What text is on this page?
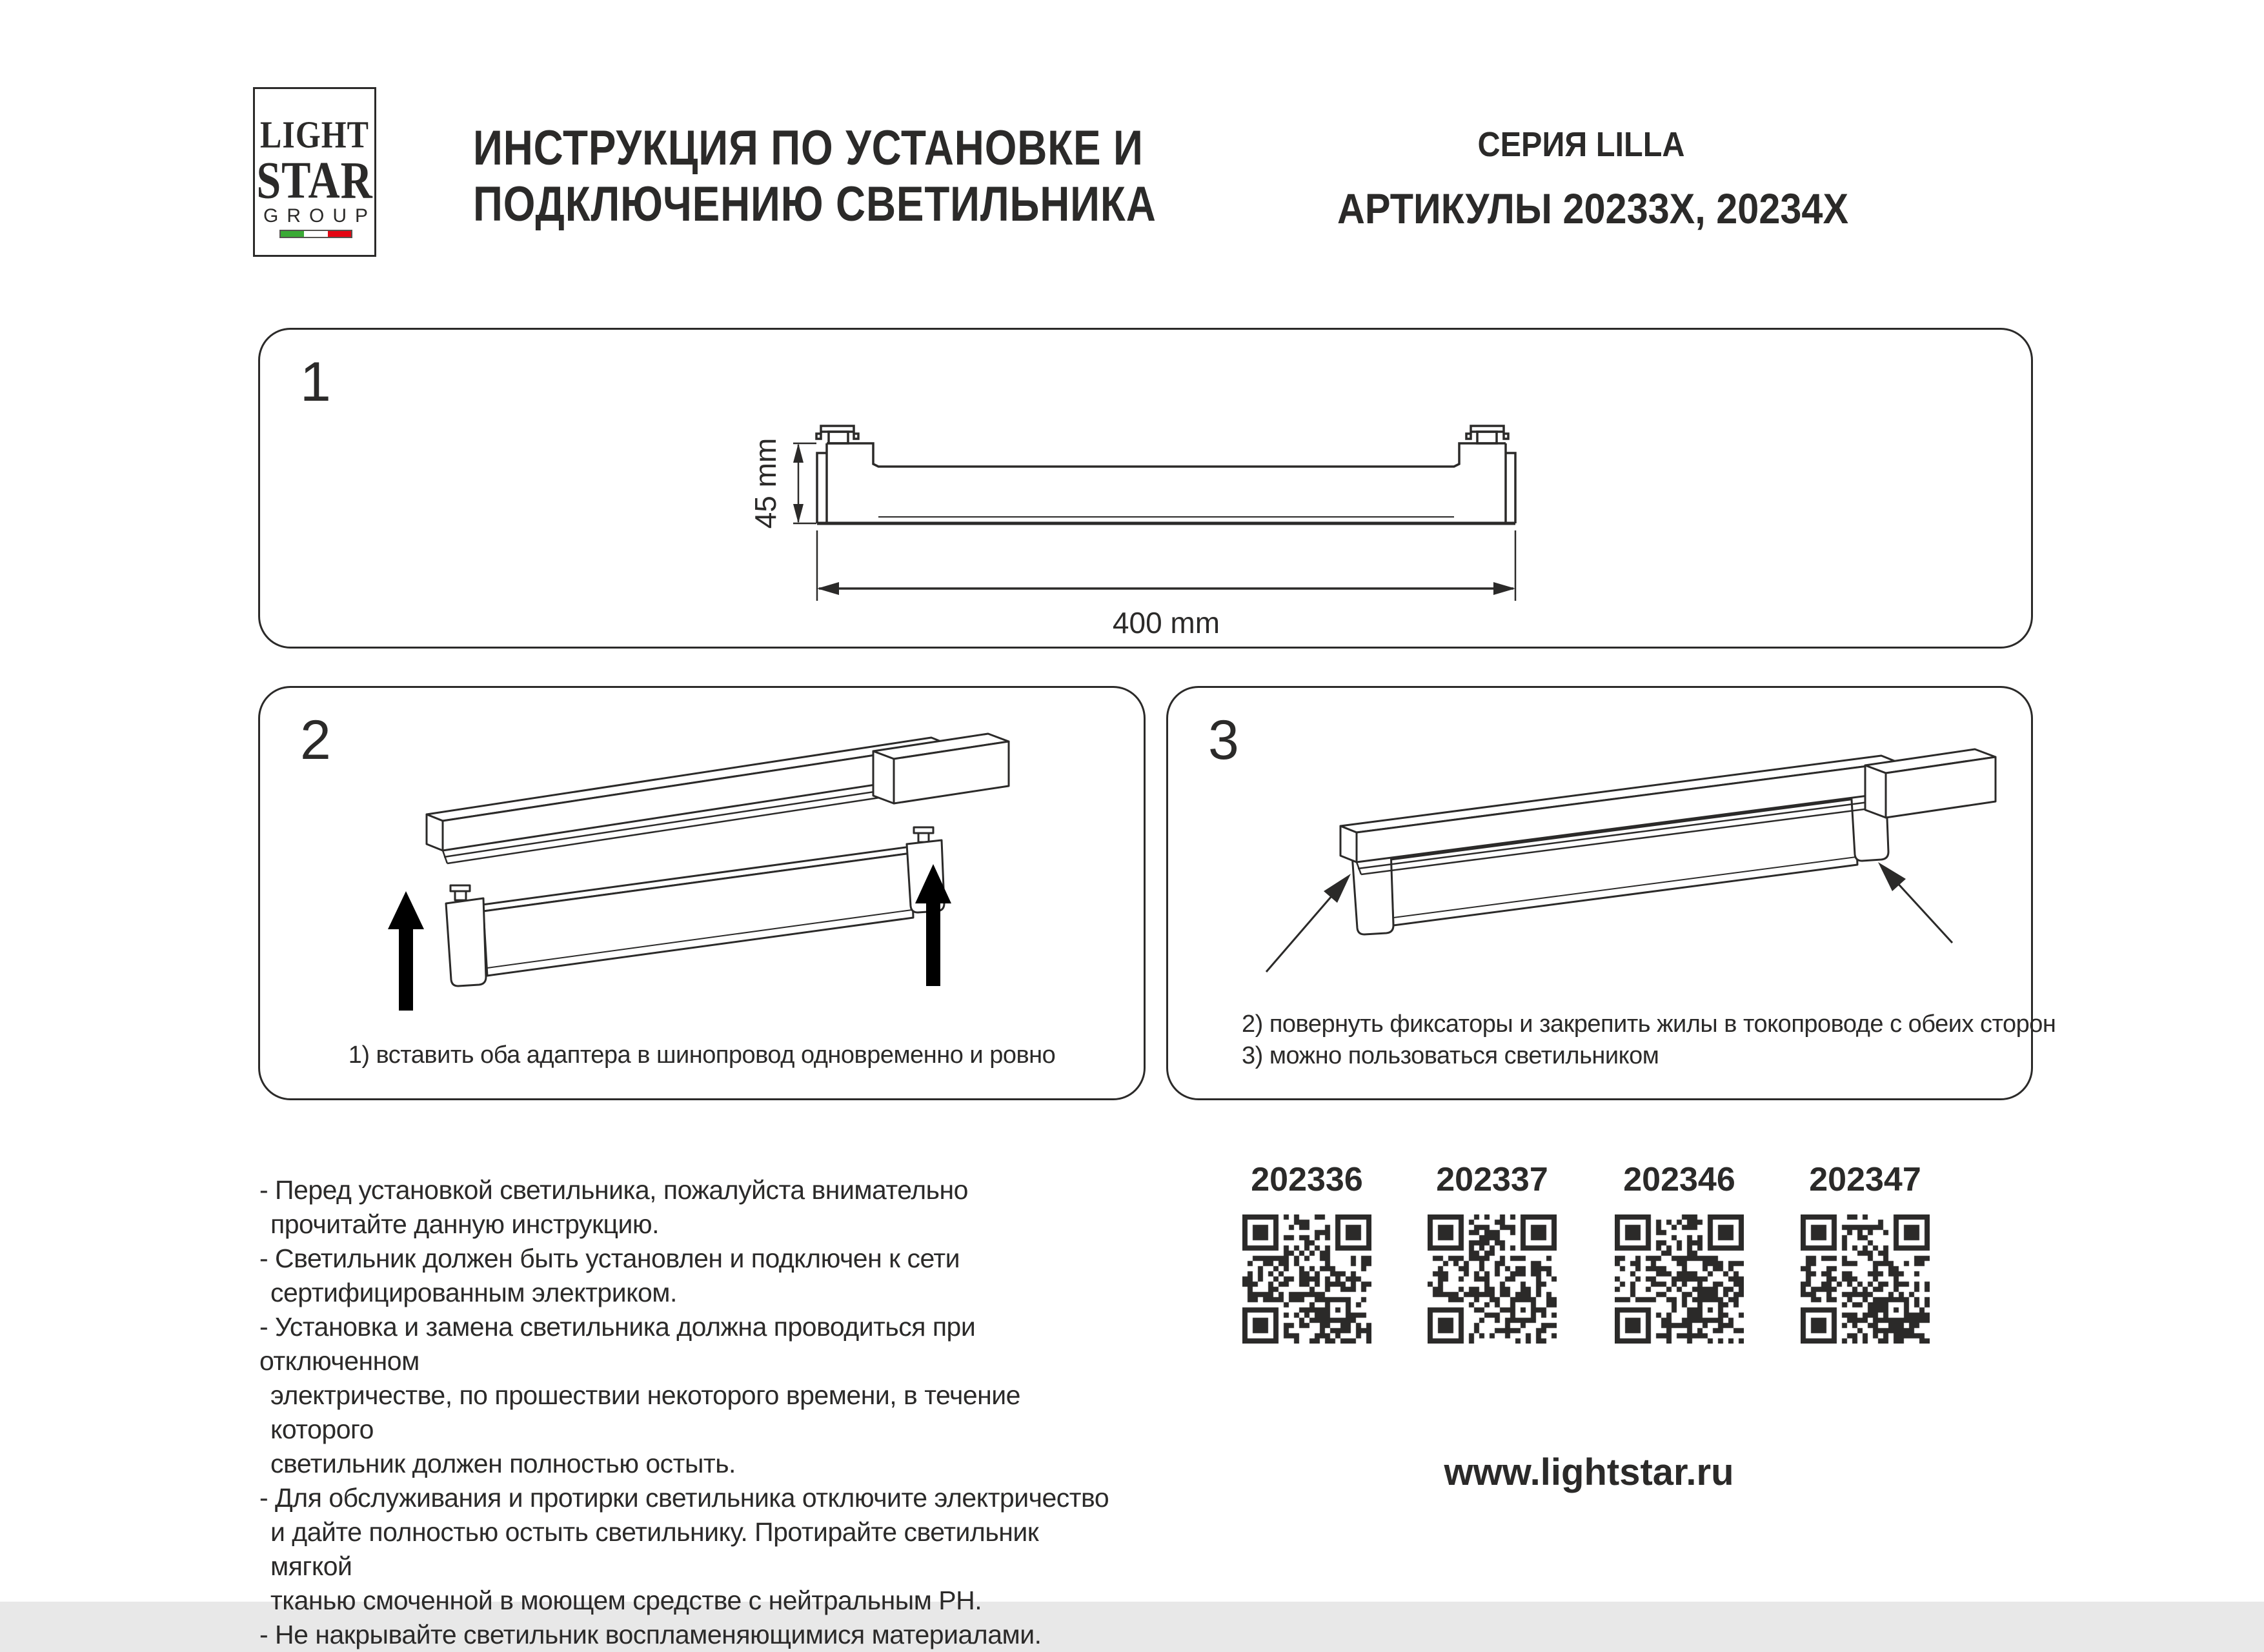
LIGHT
STAR
GROUP
ИНСТРУКЦИЯ ПО УСТАНОВКЕ И
ПОДКЛЮЧЕНИЮ СВЕТИЛЬНИКА
СЕРИЯ LILLA
АРТИКУЛЫ 20233X, 20234X
1
45 mm
400 mm
2
1) вставить оба адаптера в шинопровод одновременно и ровно
3
2) повернуть фиксаторы и закрепить жилы в токопроводе с обеих сторон
3) можно пользоваться светильником
- Перед установкой светильника, пожалуйста внимательно
прочитайте данную инструкцию.
- Светильник должен быть установлен и подключен к сети
сертифицированным электриком.
- Установка и замена светильника должна проводиться при отключенном
электричестве, по прошествии некоторого времени, в течение которого
светильник должен полностью остыть.
- Для обслуживания и протирки светильника отключите электричество
и дайте полностью остыть светильнику. Протирайте светильник мягкой
тканью смоченной в моющем средстве с нейтральным PH.
- Не накрывайте светильник воспламеняющимися материалами.
202336 202337 202346 202347
www.lightstar.ru
